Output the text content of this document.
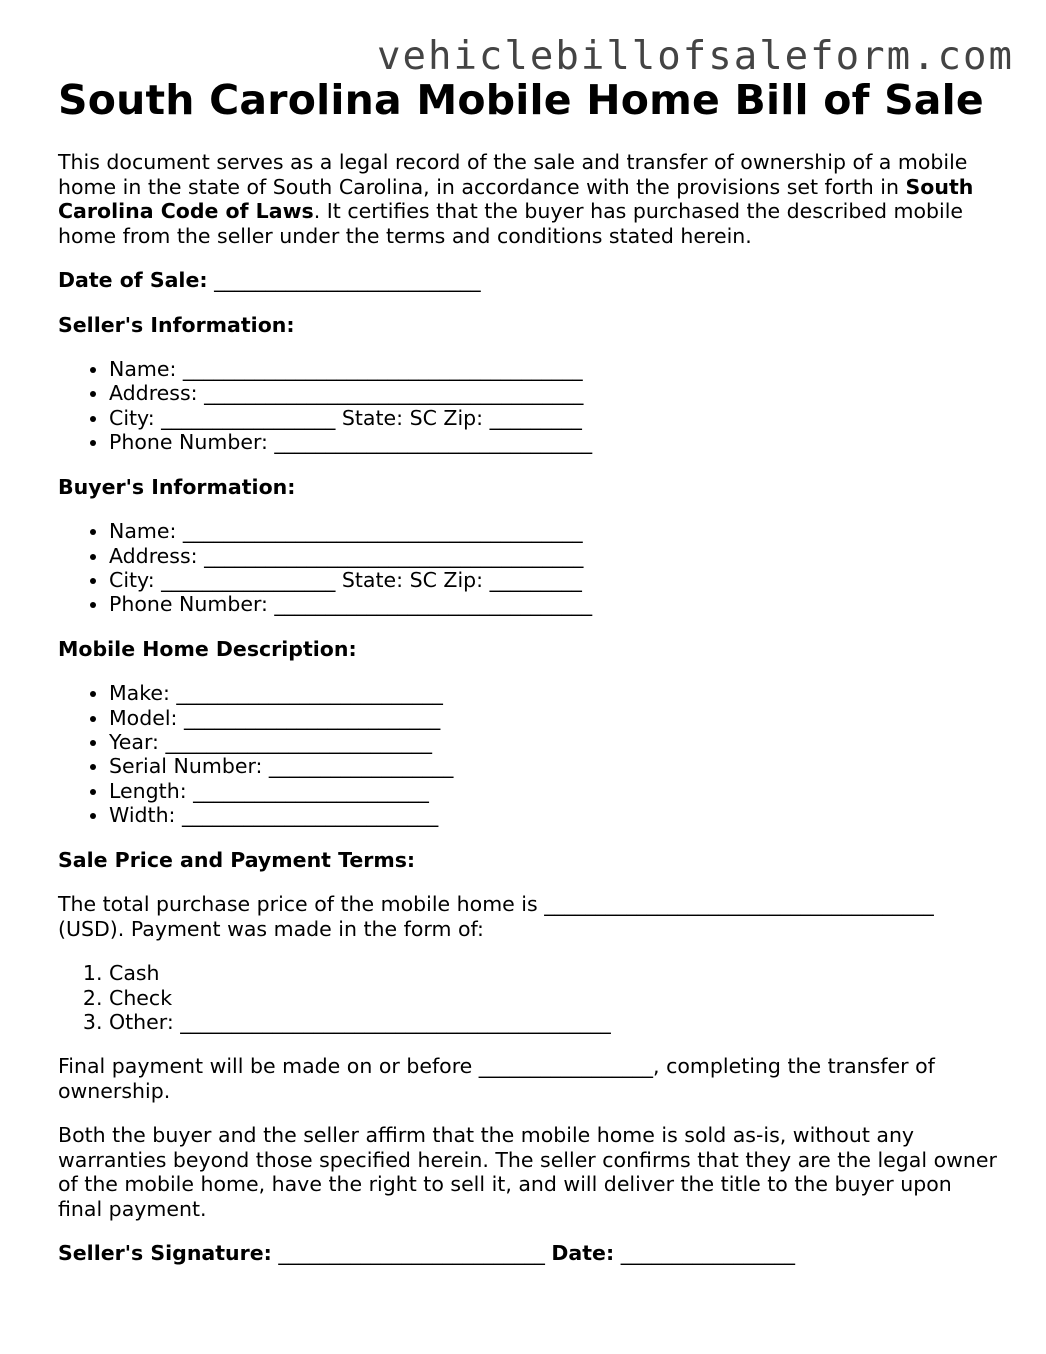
vehiclebillofsaleform.com
South Carolina Mobile Home Bill of Sale

This document serves as a legal record of the sale and transfer of ownership of a mobile home in the state of South Carolina, in accordance with the provisions set forth in South Carolina Code of Laws. It certifies that the buyer has purchased the described mobile home from the seller under the terms and conditions stated herein.

Date of Sale: __________________________

Seller's Information:

• Name: _______________________________________
• Address: _____________________________________
• City: _________________ State: SC Zip: _________
• Phone Number: _______________________________

Buyer's Information:

• Name: _______________________________________
• Address: _____________________________________
• City: _________________ State: SC Zip: _________
• Phone Number: _______________________________

Mobile Home Description:

• Make: __________________________
• Model: _________________________
• Year: __________________________
• Serial Number: __________________
• Length: _______________________
• Width: _________________________

Sale Price and Payment Terms:

The total purchase price of the mobile home is ______________________________________ (USD). Payment was made in the form of:

1. Cash
2. Check
3. Other: __________________________________________

Final payment will be made on or before _________________, completing the transfer of ownership.

Both the buyer and the seller affirm that the mobile home is sold as-is, without any warranties beyond those specified herein. The seller confirms that they are the legal owner of the mobile home, have the right to sell it, and will deliver the title to the buyer upon final payment.

Seller's Signature: __________________________ Date: _________________
